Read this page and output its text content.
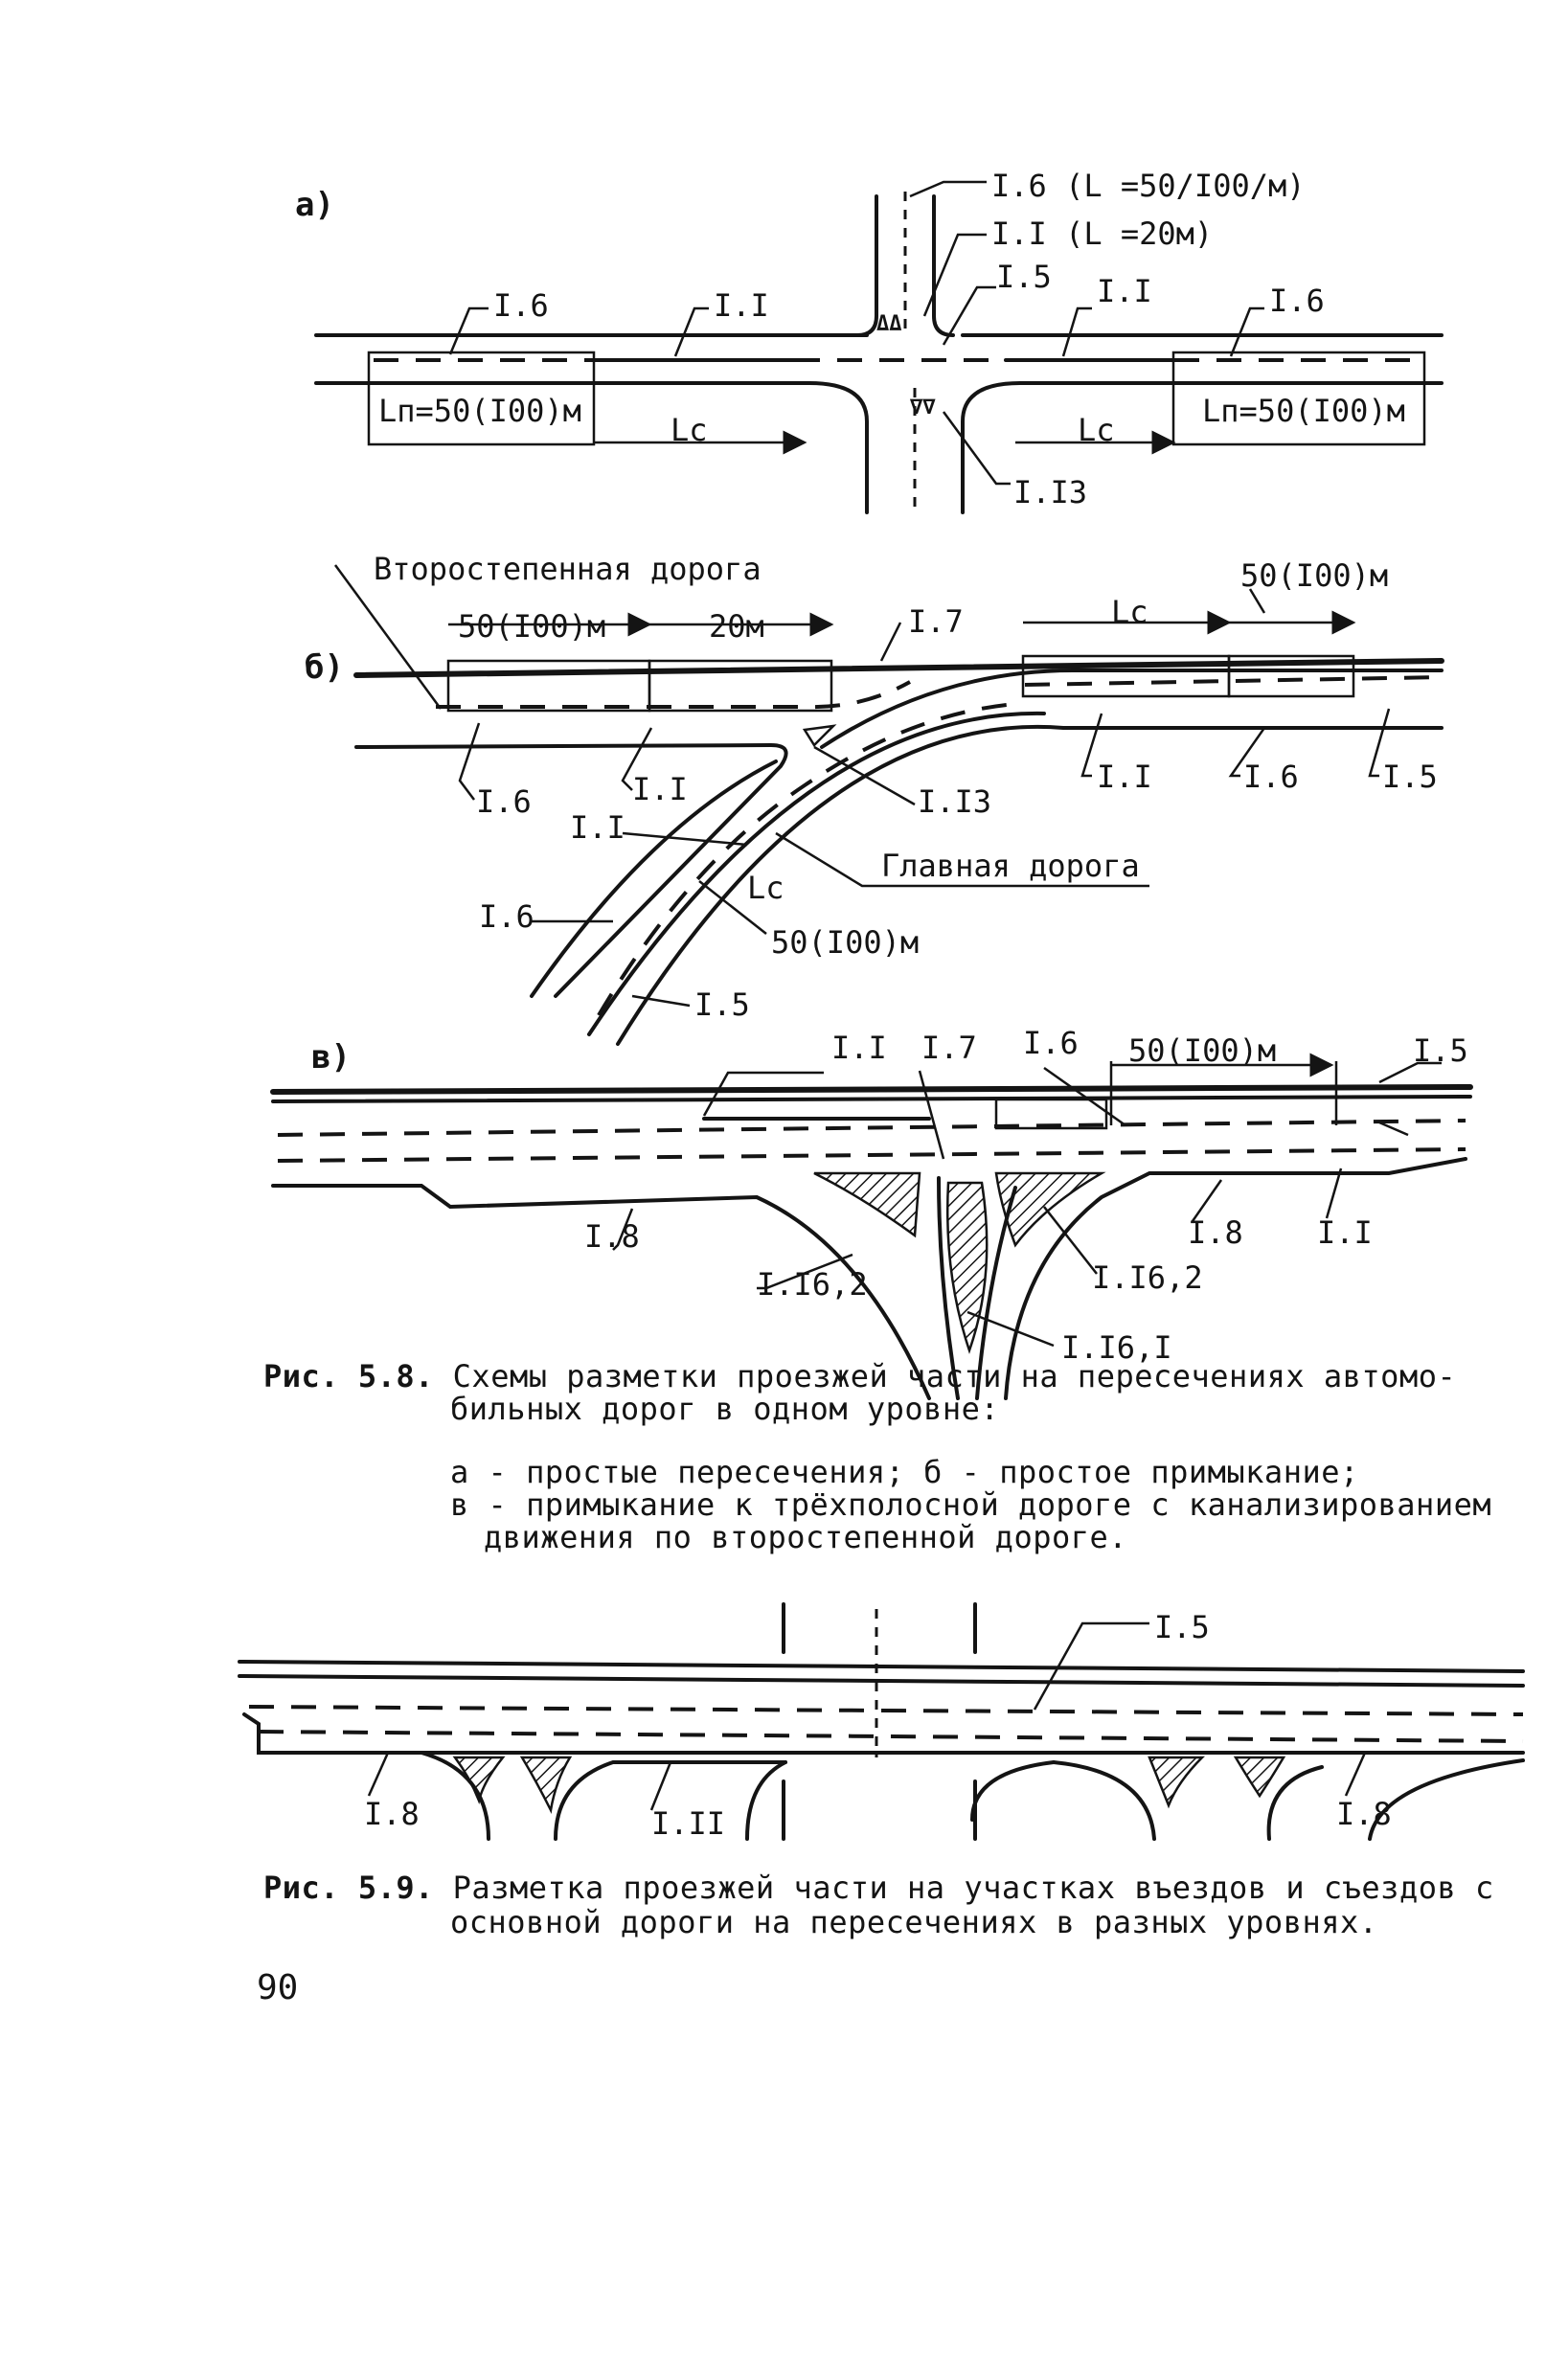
а)
ΔΔ
∇∇
I.6 (L =50/I00/м)
I.I (L =20м)
I.5
I.6	I.I	I.I	I.6
I.I3
Lп=50(I00)м
Lс	Lс
Lп=50(I00)м
б)
Второстепенная дорога
50(I00)м	20м	I.7	Lс
50(I00)м
I.6	I.I	I.I3
I.I	I.6	I.5
I.I
Главная дорога
Lс
I.6
50(I00)м
I.5
в)	I.I I.7 I.6 50(I00)м	I.5
I.8	I.8 I.I
I.I6,2	I.I6,2
I.I6,I
I.5
I.8	I.II	I.8
Рис. 5.8. Схемы разметки проезжей части на пересечениях автомо-
бильных дорог в одном уровне:
а - простые пересечения; б - простое примыкание;
в - примыкание к трёхполосной дороге с канализированием
движения по второстепенной дороге.
Рис. 5.9. Разметка проезжей части на участках въездов и съездов с
основной дороги на пересечениях в разных уровнях.
90
